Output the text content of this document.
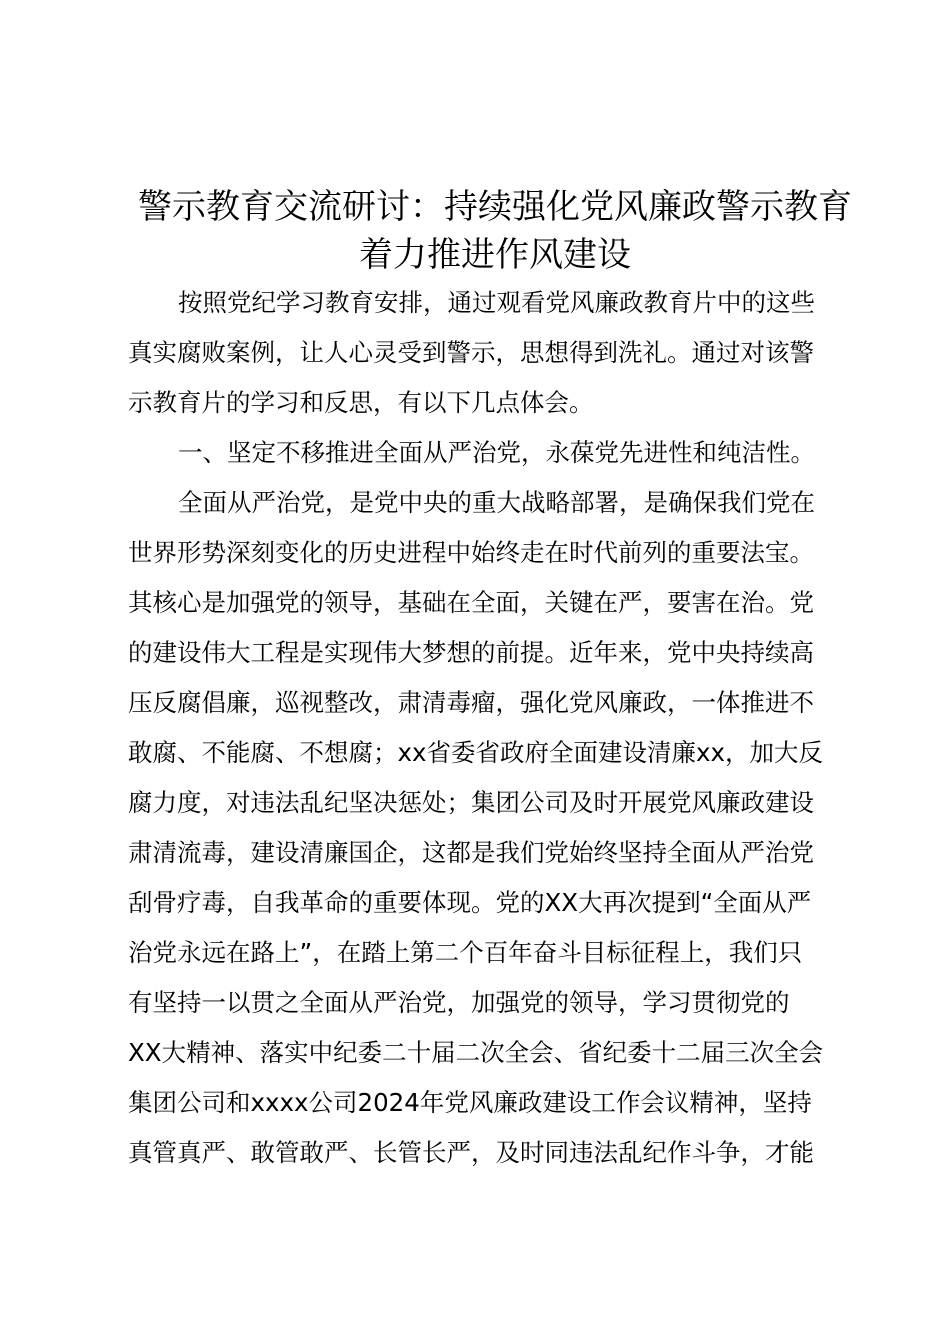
警示教育交流研讨：持续强化党风廉政警示教育
着力推进作风建设
按照党纪学习教育安排，通过观看党风廉政教育片中的这些
真实腐败案例，让人心灵受到警示，思想得到洗礼。通过对该警
示教育片的学习和反思，有以下几点体会。
一、坚定不移推进全面从严治党，永葆党先进性和纯洁性。
全面从严治党，是党中央的重大战略部署，是确保我们党在
世界形势深刻变化的历史进程中始终走在时代前列的重要法宝。
其核心是加强党的领导，基础在全面，关键在严，要害在治。党
的建设伟大工程是实现伟大梦想的前提。近年来，党中央持续高
压反腐倡廉，巡视整改，肃清毒瘤，强化党风廉政，一体推进不
敢腐、不能腐、不想腐；xx省委省政府全面建设清廉xx，加大反
腐力度，对违法乱纪坚决惩处；集团公司及时开展党风廉政建设
肃清流毒，建设清廉国企，这都是我们党始终坚持全面从严治党
刮骨疗毒，自我革命的重要体现。党的XX大再次提到“全面从严
治党永远在路上”，在踏上第二个百年奋斗目标征程上，我们只
有坚持一以贯之全面从严治党，加强党的领导，学习贯彻党的
XX大精神、落实中纪委二十届二次全会、省纪委十二届三次全会
集团公司和xxxx公司2024年党风廉政建设工作会议精神，坚持
真管真严、敢管敢严、长管长严，及时同违法乱纪作斗争，才能
